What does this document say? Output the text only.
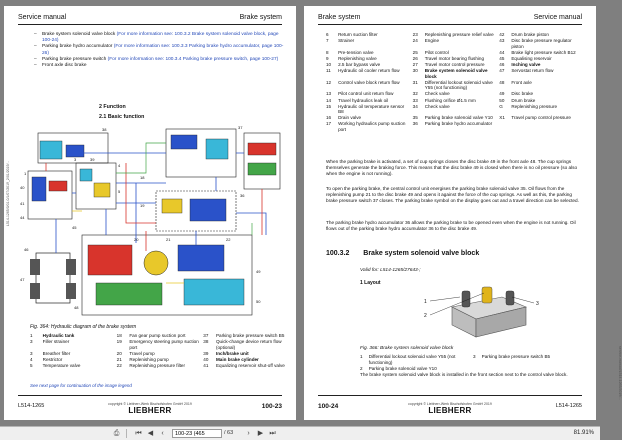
Service manual	Brake system
– Brake system solenoid valve block (For more information see: 100.3.2 Brake system solenoid valve block, page 100-24)
– Parking brake hydro accumulator (For more information see: 100.3.3 Parking brake hydro accumulator, page 100-26)
– Parking brake pressure switch (For more information see: 100.3.4 Parking brake pressure switch, page 100-27)
– Front axle disc brake
2 Function
2.1 Basic function
1
3
4
5
18
19
20	21	22
36
37
38
39
40
41
44
45
46
47
48
49
50
Fig. 364: Hydraulic diagram of the brake system
1	Hydraulic tank	18	Fan gear pump suction port	37	Parking brake pressure switch B5
3	Filler strainer	19	Emergency steering pump suction port	38	Quick-change device return flow (optional)
3	Breather filter	20	Travel pump	39	Inch/brake unit
4	Restrictor	21	Replenishing pump	40	Main brake cylinder
5	Temperature valve	22	Replenishing pressure filter	41	Equalizing reservoir shut-off valve
See next page for continuation of the image legend
L514-1265/0/01.0/1/07/2019_2/01/2019/...
L514-1265	copyright © Liebherr-Werk Bischofshofen GmbH 2019
LIEBHERR	100-23
Brake system	Service manual
6	Return suction filter	23	Replenishing pressure relief valve	42	Drum brake piston
7	Strainer	24	Engine	43	Disc brake pressure regulator piston
8	Pre-tension valve	25	Pilot control	44	Brake light pressure switch B12
9	Replenishing valve	26	Travel motor bearing flushing	45	Equalising reservoir
10	2.5 bar bypass valve	27	Travel motor control pressure	46	Inching valve
11	Hydraulic oil cooler return flow	30	Brake system solenoid valve block	47	Servostat return flow
12	Control valve block return flow	31	Differential lockout solenoid valve Y55 (not functioning)	48	Front axle
13	Pilot control unit return flow	32	Check valve	49	Disc brake
14	Travel hydraulics leak oil	33	Flushing orifice Ø1.5 mm	50	Drum brake
15	Hydraulic oil temperature sensor B8	34	Check valve	G	Replenishing pressure
16	Drain valve	35	Parking brake solenoid valve Y10	X1	Travel pump control pressure
17	Working hydraulics pump suction port	36	Parking brake hydro accumulator		
When the parking brake is activated, a set of cup springs closes the disc brake 49 in the front axle 48. The cup springs themselves generate the braking force. This means that the disc brake 49 is closed when there is no oil pressure (so also when the engine is not running).
To open the parking brake, the central control unit energises the parking brake solenoid valve 35. Oil flows from the replenishing pump 21 to the disc brake 49 and opens it against the force of the cup springs. As well as this, the parking brake pressure switch 37 closes. The parking brake symbol on the display goes out and a travel direction can be selected.
The parking brake hydro accumulator 36 allows the parking brake to be opened even when the engine is not running. Oil flows out of the parking brake hydro accumulator 36 to the disc brake 49.
100.3.2 Brake system solenoid valve block
Valid for: L514-1265/27643-;
1 Layout
1
2
3
Fig. 366: Brake system solenoid valve block
1	Differential lockout solenoid valve Y55 (not functioning)	3	Parking brake pressure switch B5
2	Parking brake solenoid valve Y10		
The brake system solenoid valve block is installed in the front section next to the control valve block.	service-manual/L514-1265/2019/...
100-24	copyright © Liebherr-Werk Bischofshofen GmbH 2019
LIEBHERR	L514-1265
⎙ ⏮ ◀	‹
100-23 (465	/ 63	›	▶ ⏭	81.91%
